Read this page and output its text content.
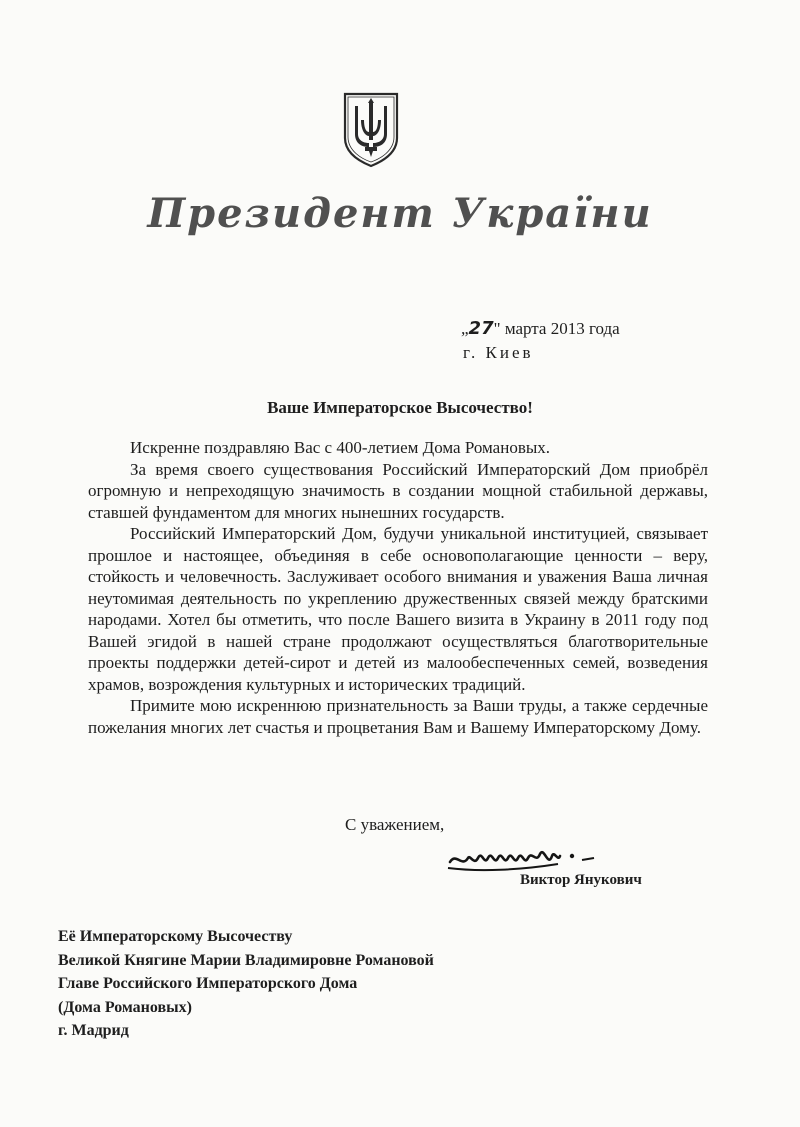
Президент України
„27" марта 2013 года
г. Киев
Ваше Императорское Высочество!

Искренне поздравляю Вас с 400-летием Дома Романовых.

За время своего существования Российский Императорский Дом приобрёл огромную и непреходящую значимость в создании мощной стабильной державы, ставшей фундаментом для многих нынешних государств.

Российский Императорский Дом, будучи уникальной институцией, связывает прошлое и настоящее, объединяя в себе основополагающие ценности – веру, стойкость и человечность. Заслуживает особого внимания и уважения Ваша личная неутомимая деятельность по укреплению дружественных связей между братскими народами. Хотел бы отметить, что после Вашего визита в Украину в 2011 году под Вашей эгидой в нашей стране продолжают осуществляться благотворительные проекты поддержки детей-сирот и детей из малообеспеченных семей, возведения храмов, возрождения культурных и исторических традиций.

Примите мою искреннюю признательность за Ваши труды, а также сердечные пожелания многих лет счастья и процветания Вам и Вашему Императорскому Дому.

С уважением,
Виктор Янукович
Её Императорскому Высочеству
Великой Княгине Марии Владимировне Романовой
Главе Российского Императорского Дома
(Дома Романовых)
г. Мадрид
